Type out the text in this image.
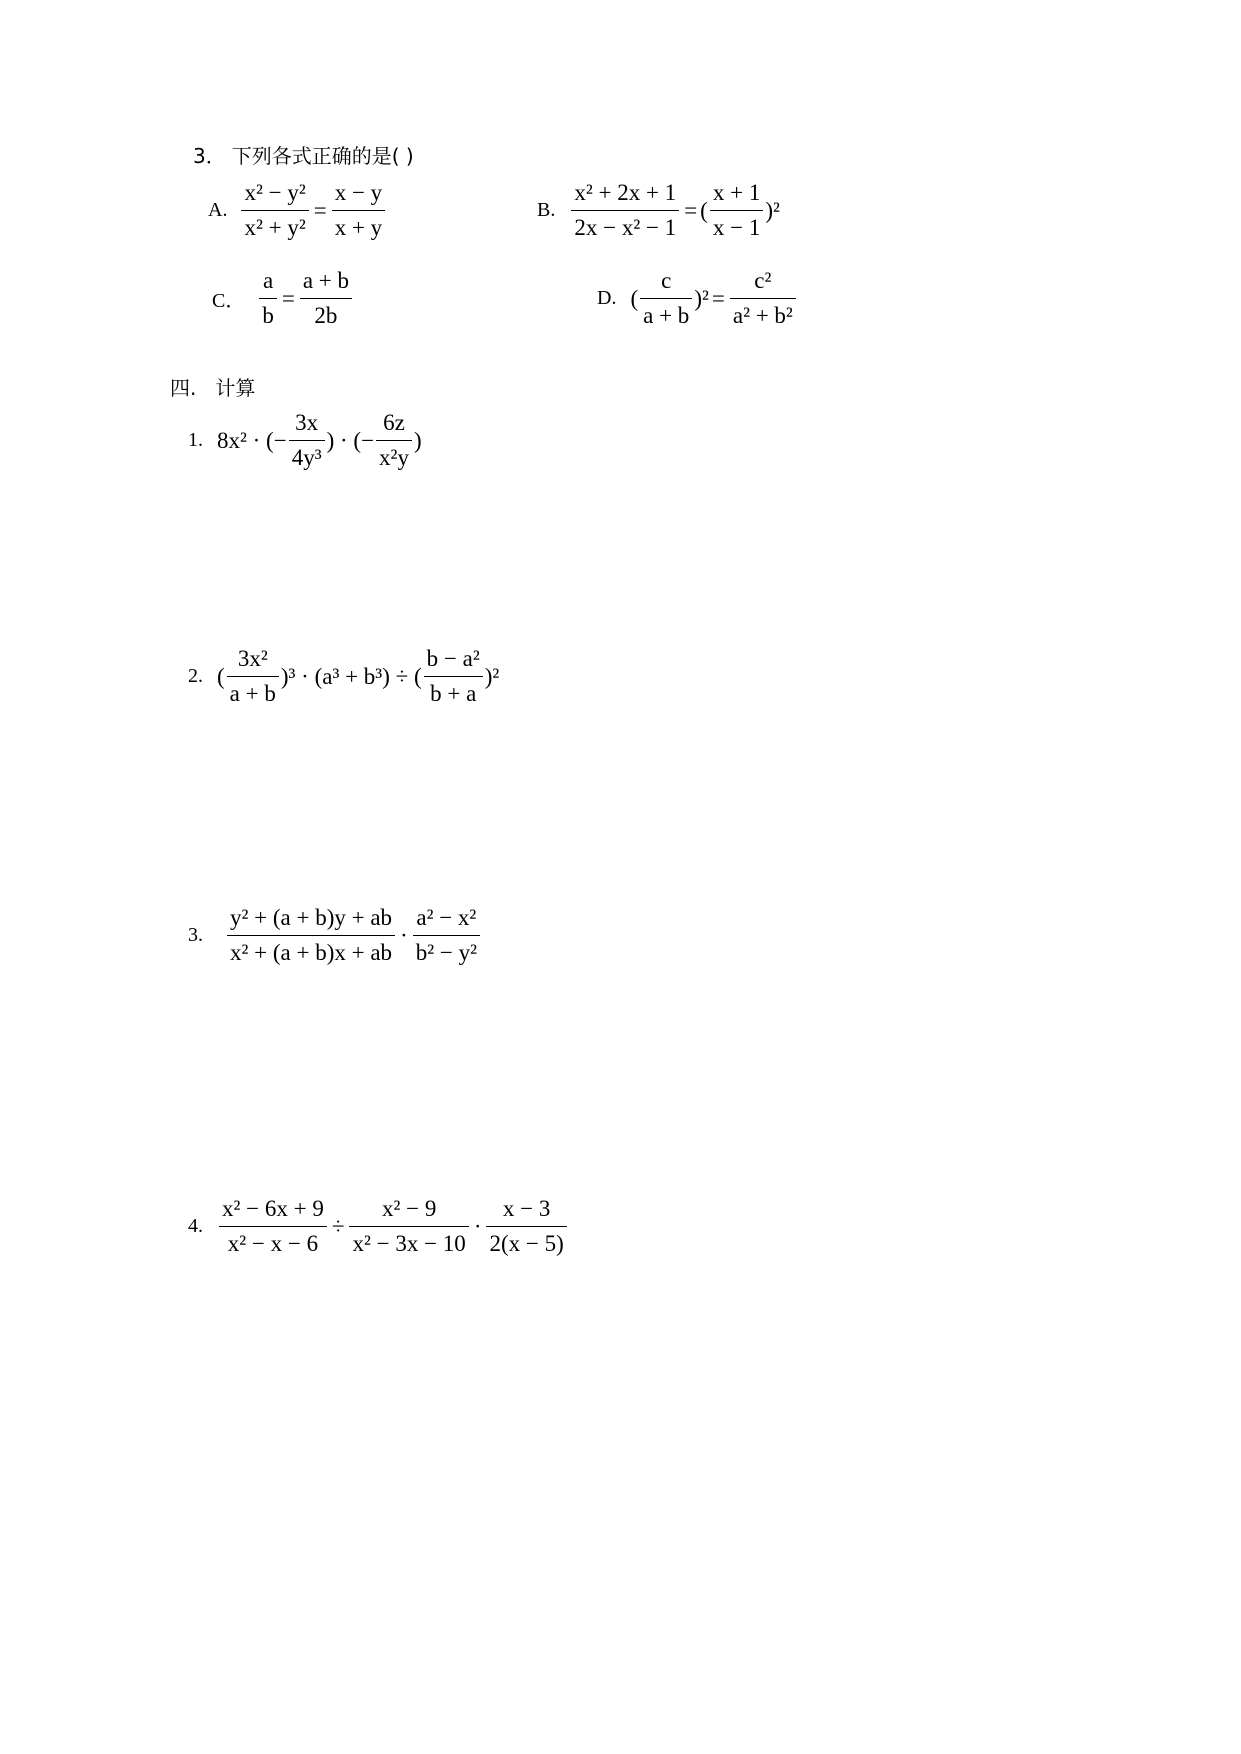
3． 下列各式正确的是( )
A. $\frac{\text{x² − y²}}{\text{x² + y²}} = \frac{x - y}{x + y}$	B. $\frac{\text{x² + 2x + 1}}{\text{2x − x² − 1}}$ = ( $\frac{x + 1}{x - 1} )^2$
C． $\frac{a}{b} = \frac{a + b}{2b}$	D. ( $\frac{c}{a + b} )^2 = \frac{\text{c²}}{\text{a² + b²}}$
四.   计算
1. 8x² · (− $\frac{3x}{\text{4y³}}$ ) · (− $\frac{6z}{\text{x²y}}$ )
2. ( $\frac{\text{3x²}}{a + b} )^3 \cdot (a^3 + b^3)$ ÷ ( $\frac{\text{b − a²}}{b + a} )^2$
3. $\frac{\text{y² + (a + b)y + ab}}{\text{x² + (a + b)x + ab}} \cdot \frac{\text{a² − x²}}{\text{b² − y²}}$
4. $\frac{\text{x² − 6x + 9}}{\text{x² − x − 6}} \div \frac{\text{x² − 9}}{\text{x² − 3x − 10}} \cdot \frac{x - 3}{2(x - 5)}$
